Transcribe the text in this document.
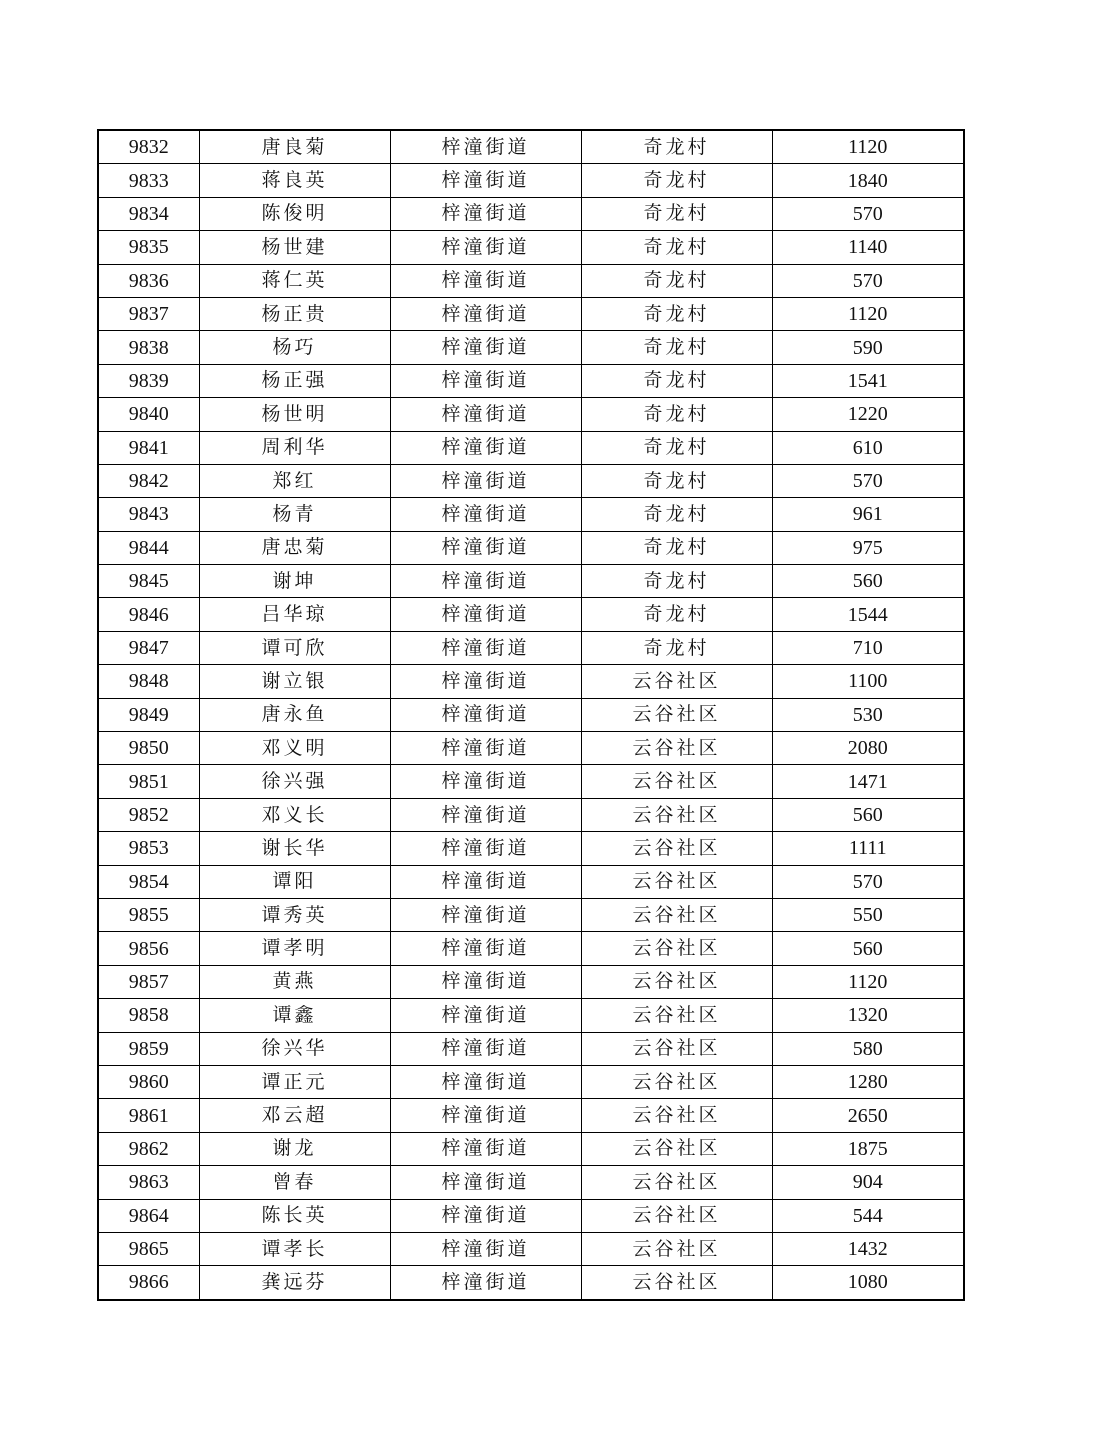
9832	唐良菊	梓潼街道	奇龙村	1120
9833	蒋良英	梓潼街道	奇龙村	1840
9834	陈俊明	梓潼街道	奇龙村	570
9835	杨世建	梓潼街道	奇龙村	1140
9836	蒋仁英	梓潼街道	奇龙村	570
9837	杨正贵	梓潼街道	奇龙村	1120
9838	杨巧	梓潼街道	奇龙村	590
9839	杨正强	梓潼街道	奇龙村	1541
9840	杨世明	梓潼街道	奇龙村	1220
9841	周利华	梓潼街道	奇龙村	610
9842	郑红	梓潼街道	奇龙村	570
9843	杨青	梓潼街道	奇龙村	961
9844	唐忠菊	梓潼街道	奇龙村	975
9845	谢坤	梓潼街道	奇龙村	560
9846	吕华琼	梓潼街道	奇龙村	1544
9847	谭可欣	梓潼街道	奇龙村	710
9848	谢立银	梓潼街道	云谷社区	1100
9849	唐永鱼	梓潼街道	云谷社区	530
9850	邓义明	梓潼街道	云谷社区	2080
9851	徐兴强	梓潼街道	云谷社区	1471
9852	邓义长	梓潼街道	云谷社区	560
9853	谢长华	梓潼街道	云谷社区	1111
9854	谭阳	梓潼街道	云谷社区	570
9855	谭秀英	梓潼街道	云谷社区	550
9856	谭孝明	梓潼街道	云谷社区	560
9857	黄燕	梓潼街道	云谷社区	1120
9858	谭鑫	梓潼街道	云谷社区	1320
9859	徐兴华	梓潼街道	云谷社区	580
9860	谭正元	梓潼街道	云谷社区	1280
9861	邓云超	梓潼街道	云谷社区	2650
9862	谢龙	梓潼街道	云谷社区	1875
9863	曾春	梓潼街道	云谷社区	904
9864	陈长英	梓潼街道	云谷社区	544
9865	谭孝长	梓潼街道	云谷社区	1432
9866	龚远芬	梓潼街道	云谷社区	1080
